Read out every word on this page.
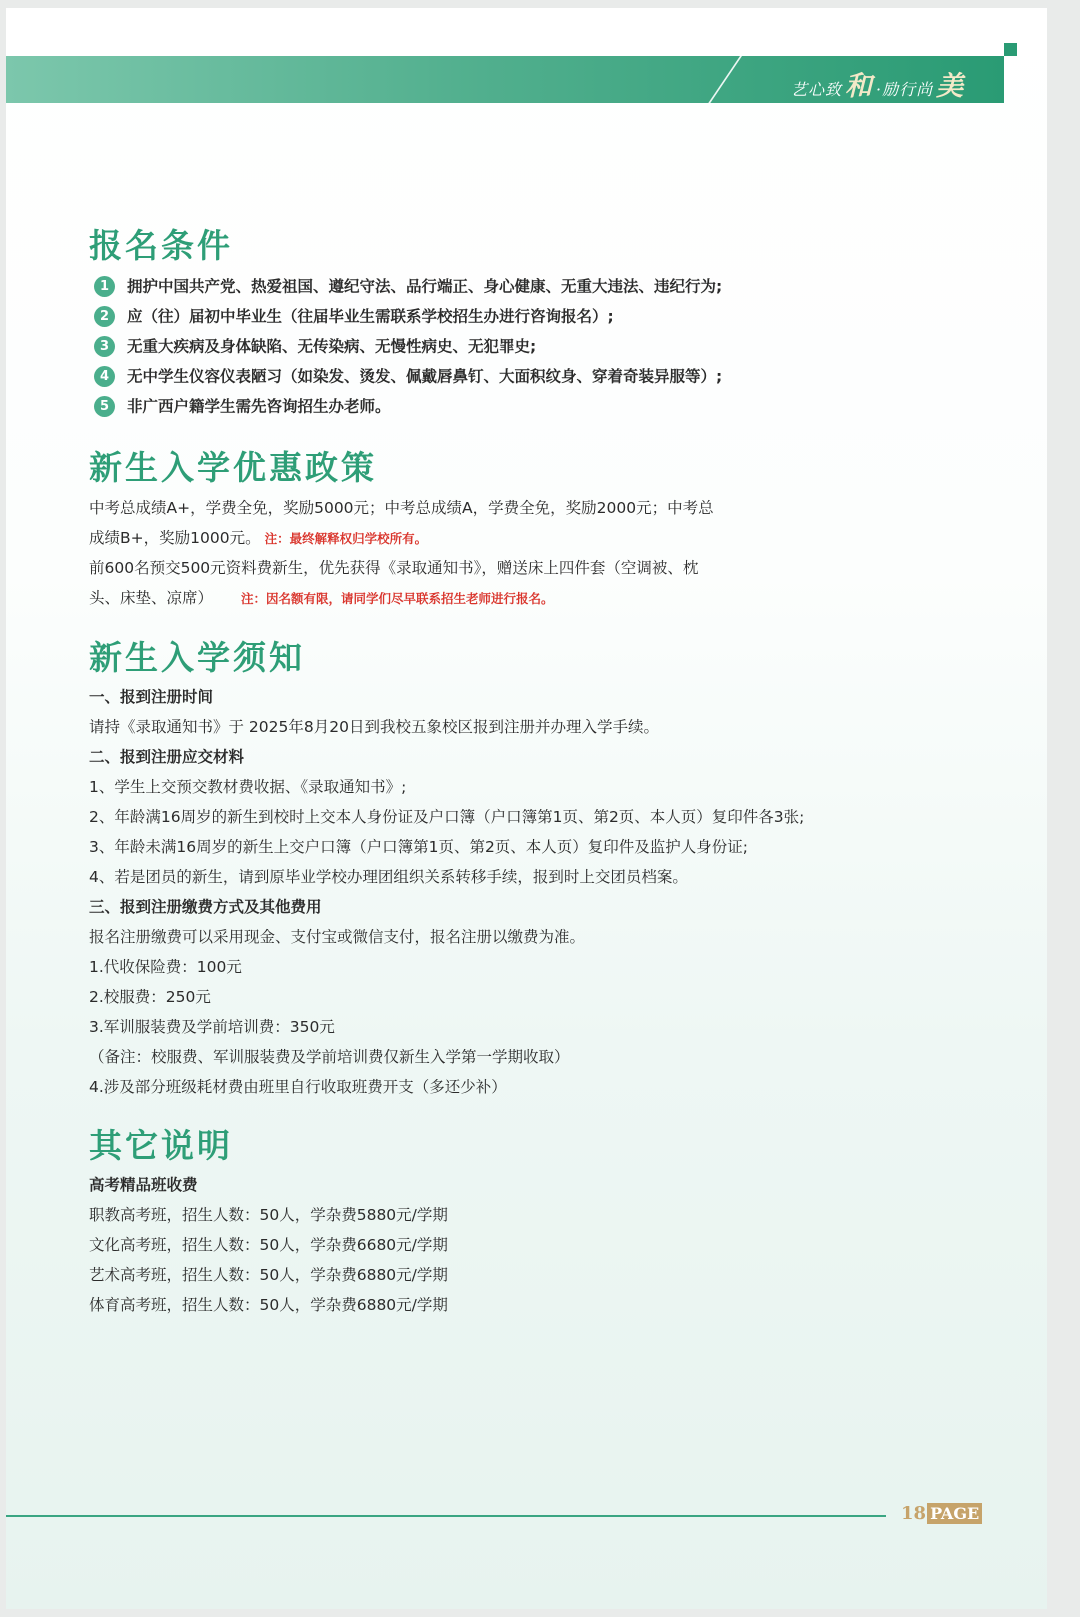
艺心致 和 ·励行尚 美
报名条件
1 拥护中国共产党、热爱祖国、遵纪守法、品行端正、身心健康、无重大违法、违纪行为;
2 应（往）届初中毕业生（往届毕业生需联系学校招生办进行咨询报名）;
3 无重大疾病及身体缺陷、无传染病、无慢性病史、无犯罪史;
4 无中学生仪容仪表陋习（如染发、烫发、佩戴唇鼻钉、大面积纹身、穿着奇装异服等）;
5 非广西户籍学生需先咨询招生办老师。
新生入学优惠政策
中考总成绩A+，学费全免，奖励5000元；中考总成绩A，学费全免，奖励2000元；中考总
成绩B+，奖励1000元。 注：最终解释权归学校所有。
前600名预交500元资料费新生，优先获得《录取通知书》，赠送床上四件套（空调被、枕
头、床垫、凉席） 注：因名额有限，请同学们尽早联系招生老师进行报名。
新生入学须知
一、报到注册时间
请持《录取通知书》于 2025年8月20日到我校五象校区报到注册并办理入学手续。
二、报到注册应交材料
1、学生上交预交教材费收据、《录取通知书》;
2、年龄满16周岁的新生到校时上交本人身份证及户口簿（户口簿第1页、第2页、本人页）复印件各3张;
3、年龄未满16周岁的新生上交户口簿（户口簿第1页、第2页、本人页）复印件及监护人身份证;
4、若是团员的新生，请到原毕业学校办理团组织关系转移手续，报到时上交团员档案。
三、报到注册缴费方式及其他费用
报名注册缴费可以采用现金、支付宝或微信支付，报名注册以缴费为准。
1.代收保险费：100元
2.校服费：250元
3.军训服装费及学前培训费：350元
（备注：校服费、军训服装费及学前培训费仅新生入学第一学期收取）
4.涉及部分班级耗材费由班里自行收取班费开支（多还少补）
其它说明
高考精品班收费
职教高考班，招生人数：50人，学杂费5880元/学期
文化高考班，招生人数：50人，学杂费6680元/学期
艺术高考班，招生人数：50人，学杂费6880元/学期
体育高考班，招生人数：50人，学杂费6880元/学期
18 PAGE
